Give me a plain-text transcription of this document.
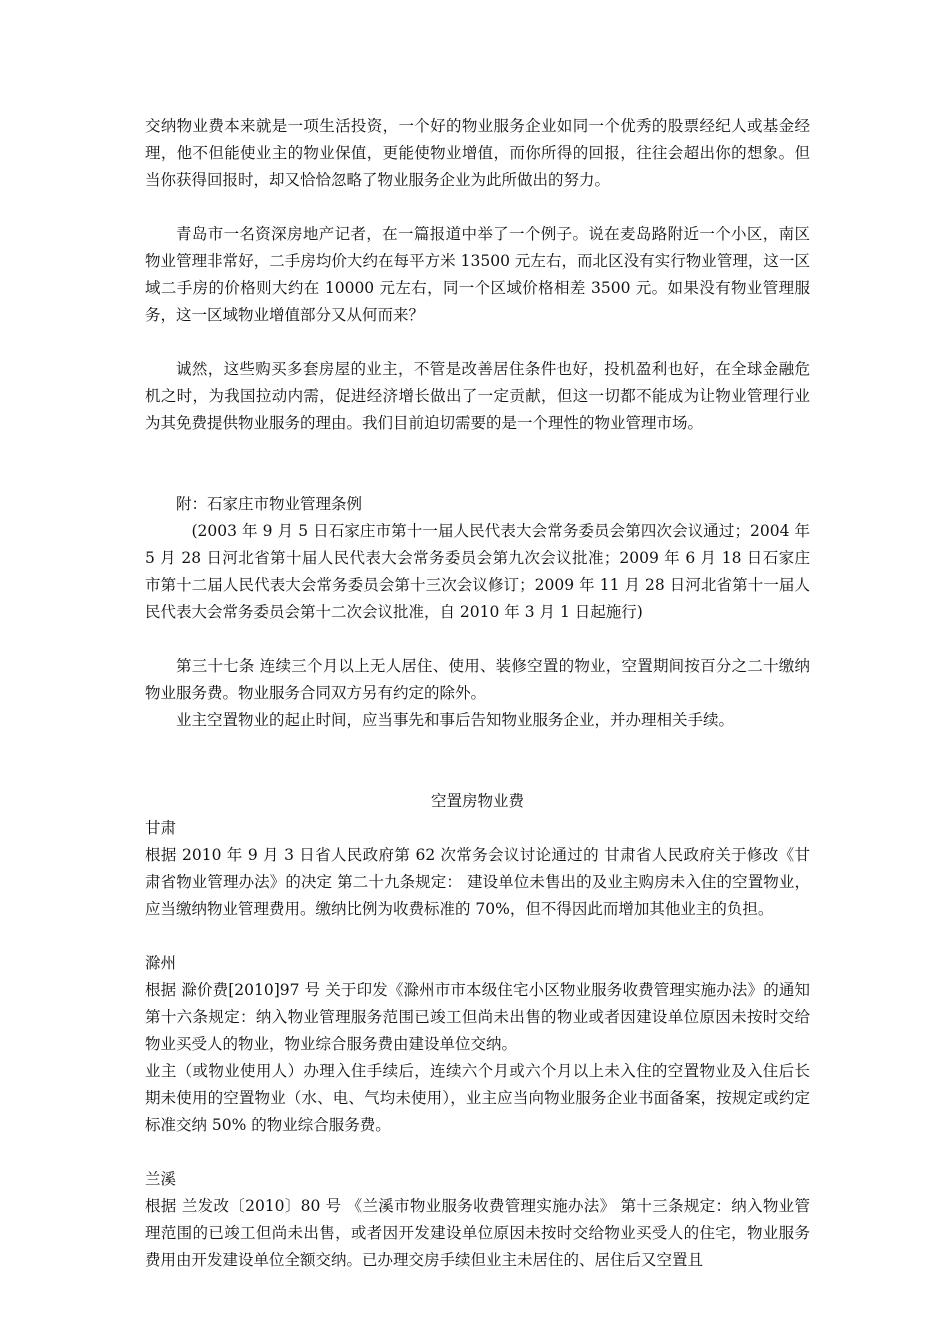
交纳物业费本来就是一项生活投资，一个好的物业服务企业如同一个优秀的股票经纪人或基金经理，他不但能使业主的物业保值，更能使物业增值，而你所得的回报，往往会超出你的想象。但当你获得回报时，却又恰恰忽略了物业服务企业为此所做出的努力。

青岛市一名资深房地产记者，在一篇报道中举了一个例子。说在麦岛路附近一个小区，南区物业管理非常好，二手房均价大约在每平方米 13500 元左右，而北区没有实行物业管理，这一区域二手房的价格则大约在 10000 元左右，同一个区域价格相差 3500 元。如果没有物业管理服务，这一区域物业增值部分又从何而来？

诚然，这些购买多套房屋的业主，不管是改善居住条件也好，投机盈利也好，在全球金融危机之时，为我国拉动内需，促进经济增长做出了一定贡献，但这一切都不能成为让物业管理行业为其免费提供物业服务的理由。我们目前迫切需要的是一个理性的物业管理市场。

附：石家庄市物业管理条例

(2003 年 9 月 5 日石家庄市第十一届人民代表大会常务委员会第四次会议通过；2004 年 5 月 28 日河北省第十届人民代表大会常务委员会第九次会议批准；2009 年 6 月 18 日石家庄市第十二届人民代表大会常务委员会第十三次会议修订；2009 年 11 月 28 日河北省第十一届人民代表大会常务委员会第十二次会议批准，自 2010 年 3 月 1 日起施行)

第三十七条 连续三个月以上无人居住、使用、装修空置的物业，空置期间按百分之二十缴纳物业服务费。物业服务合同双方另有约定的除外。

业主空置物业的起止时间，应当事先和事后告知物业服务企业，并办理相关手续。

空置房物业费

甘肃

根据 2010 年 9 月 3 日省人民政府第 62 次常务会议讨论通过的 甘肃省人民政府关于修改《甘肃省物业管理办法》的决定 第二十九条规定： 建设单位未售出的及业主购房未入住的空置物业，应当缴纳物业管理费用。缴纳比例为收费标准的 70%，但不得因此而增加其他业主的负担。

滁州

根据 滁价费[2010]97 号 关于印发《滁州市市本级住宅小区物业服务收费管理实施办法》的通知 第十六条规定：纳入物业管理服务范围已竣工但尚未出售的物业或者因建设单位原因未按时交给物业买受人的物业，物业综合服务费由建设单位交纳。

业主（或物业使用人）办理入住手续后，连续六个月或六个月以上未入住的空置物业及入住后长期未使用的空置物业（水、电、气均未使用），业主应当向物业服务企业书面备案，按规定或约定标准交纳 50% 的物业综合服务费。

兰溪

根据 兰发改〔2010〕80 号 《兰溪市物业服务收费管理实施办法》 第十三条规定：纳入物业管理范围的已竣工但尚未出售，或者因开发建设单位原因未按时交给物业买受人的住宅，物业服务费用由开发建设单位全额交纳。已办理交房手续但业主未居住的、居住后又空置且
